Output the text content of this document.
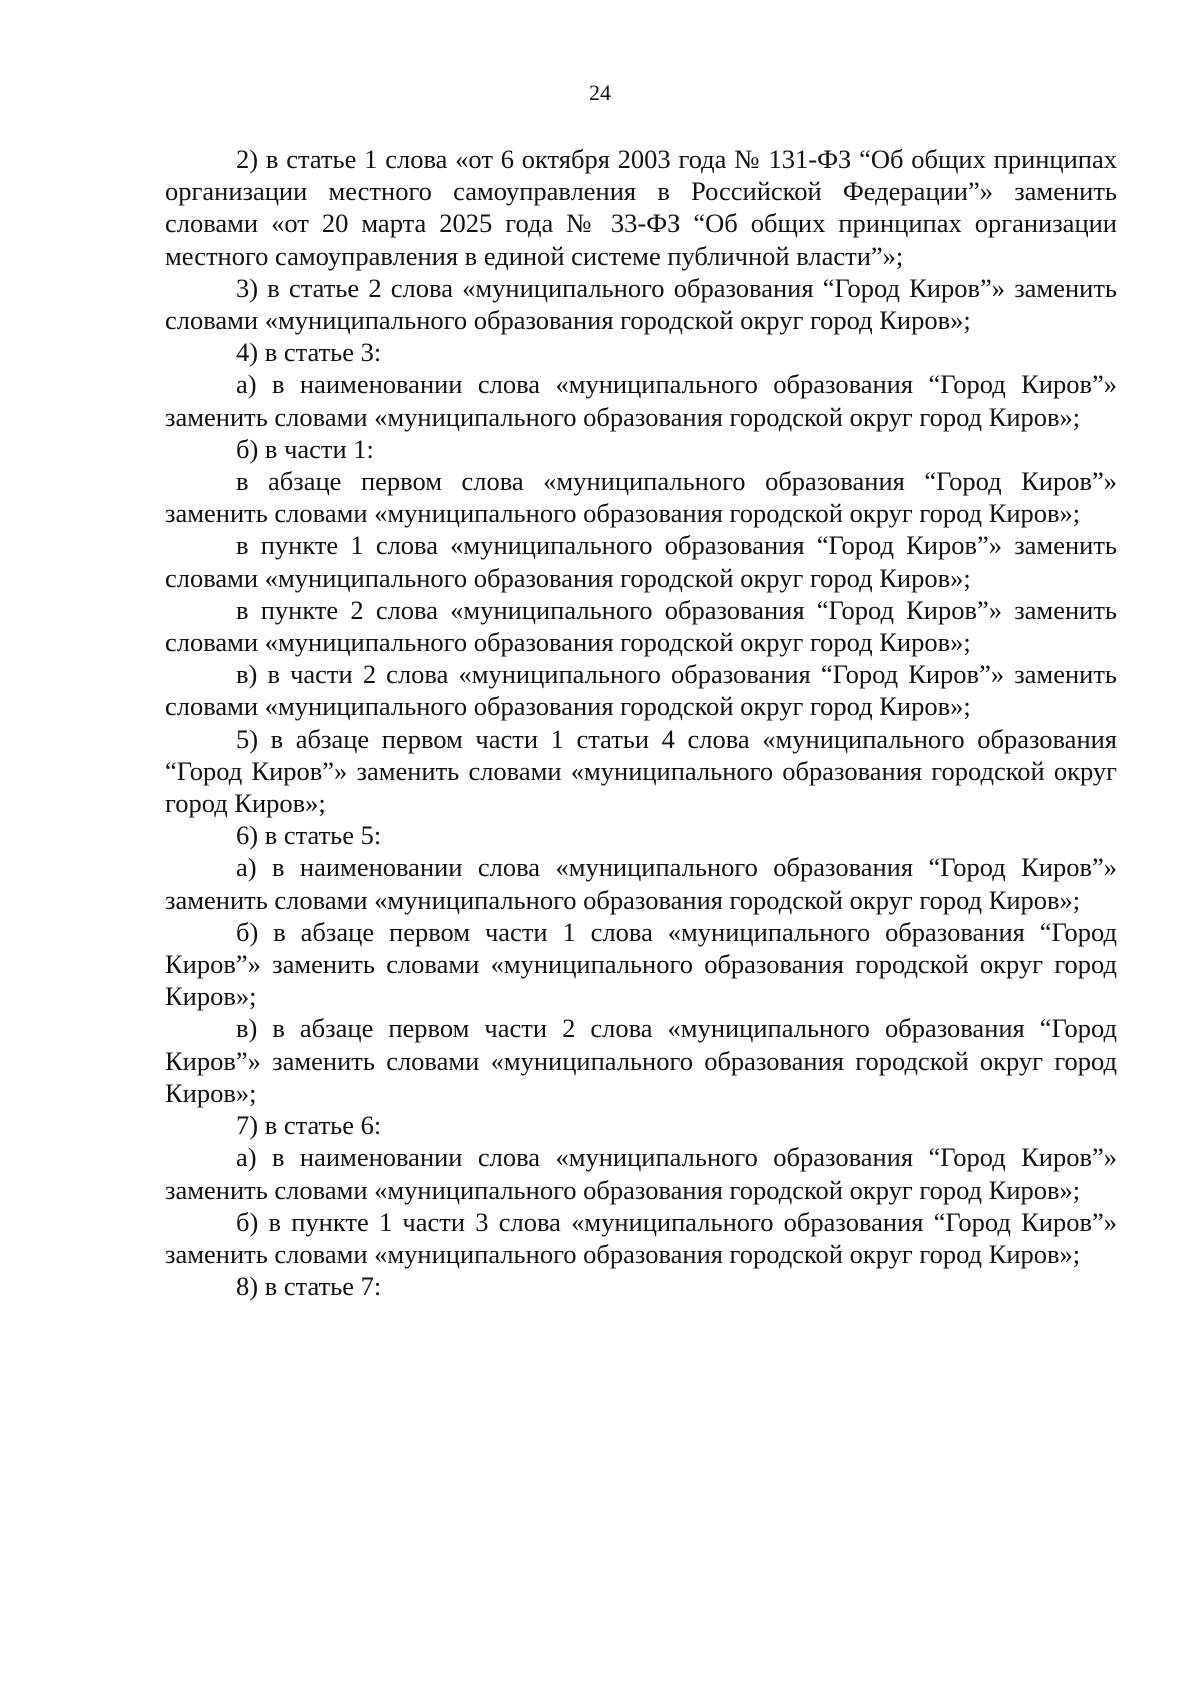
24

2) в статье 1 слова «от 6 октября 2003 года № 131-ФЗ “Об общих принципах организации местного самоуправления в Российской Федерации”» заменить словами «от 20 марта 2025 года № 33-ФЗ “Об общих принципах организации местного самоуправления в единой системе публичной власти”»;

3) в статье 2 слова «муниципального образования “Город Киров”» заменить словами «муниципального образования городской округ город Киров»;

4) в статье 3:

а) в наименовании слова «муниципального образования “Город Киров”» заменить словами «муниципального образования городской округ город Киров»;

б) в части 1:

в абзаце первом слова «муниципального образования “Город Киров”» заменить словами «муниципального образования городской округ город Киров»;

в пункте 1 слова «муниципального образования “Город Киров”» заменить словами «муниципального образования городской округ город Киров»;

в пункте 2 слова «муниципального образования “Город Киров”» заменить словами «муниципального образования городской округ город Киров»;

в) в части 2 слова «муниципального образования “Город Киров”» заменить словами «муниципального образования городской округ город Киров»;

5) в абзаце первом части 1 статьи 4 слова «муниципального образования “Город Киров”» заменить словами «муниципального образования городской округ город Киров»;

6) в статье 5:

а) в наименовании слова «муниципального образования “Город Киров”» заменить словами «муниципального образования городской округ город Киров»;

б) в абзаце первом части 1 слова «муниципального образования “Город Киров”» заменить словами «муниципального образования городской округ город Киров»;

в) в абзаце первом части 2 слова «муниципального образования “Город Киров”» заменить словами «муниципального образования городской округ город Киров»;

7) в статье 6:

а) в наименовании слова «муниципального образования “Город Киров”» заменить словами «муниципального образования городской округ город Киров»;

б) в пункте 1 части 3 слова «муниципального образования “Город Киров”» заменить словами «муниципального образования городской округ город Киров»;

8) в статье 7:
